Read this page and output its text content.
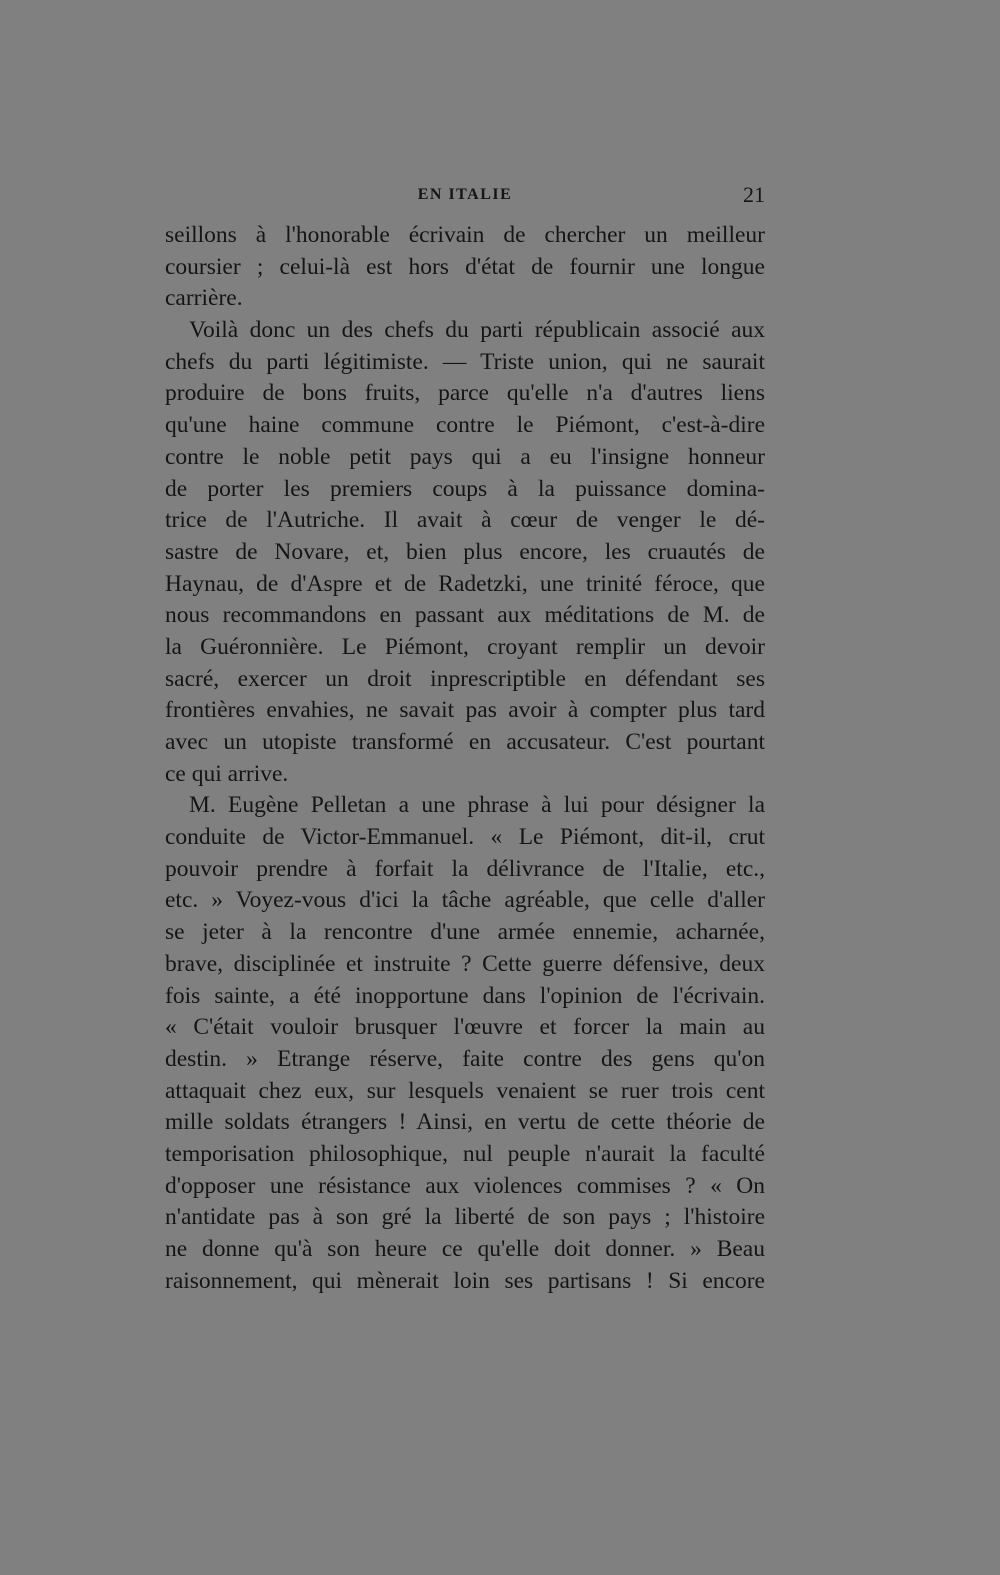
EN ITALIE	21
seillons à l'honorable écrivain de chercher un meilleur
coursier ; celui-là est hors d'état de fournir une longue
carrière.
Voilà donc un des chefs du parti républicain associé aux
chefs du parti légitimiste. — Triste union, qui ne saurait
produire de bons fruits, parce qu'elle n'a d'autres liens
qu'une haine commune contre le Piémont, c'est-à-dire
contre le noble petit pays qui a eu l'insigne honneur
de porter les premiers coups à la puissance domina-
trice de l'Autriche. Il avait à cœur de venger le dé-
sastre de Novare, et, bien plus encore, les cruautés de
Haynau, de d'Aspre et de Radetzki, une trinité féroce, que
nous recommandons en passant aux méditations de M. de
la Guéronnière. Le Piémont, croyant remplir un devoir
sacré, exercer un droit inprescriptible en défendant ses
frontières envahies, ne savait pas avoir à compter plus tard
avec un utopiste transformé en accusateur. C'est pourtant
ce qui arrive.
M. Eugène Pelletan a une phrase à lui pour désigner la
conduite de Victor-Emmanuel. « Le Piémont, dit-il, crut
pouvoir prendre à forfait la délivrance de l'Italie, etc.,
etc. » Voyez-vous d'ici la tâche agréable, que celle d'aller
se jeter à la rencontre d'une armée ennemie, acharnée,
brave, disciplinée et instruite ? Cette guerre défensive, deux
fois sainte, a été inopportune dans l'opinion de l'écrivain.
« C'était vouloir brusquer l'œuvre et forcer la main au
destin. » Etrange réserve, faite contre des gens qu'on
attaquait chez eux, sur lesquels venaient se ruer trois cent
mille soldats étrangers ! Ainsi, en vertu de cette théorie de
temporisation philosophique, nul peuple n'aurait la faculté
d'opposer une résistance aux violences commises ? « On
n'antidate pas à son gré la liberté de son pays ; l'histoire
ne donne qu'à son heure ce qu'elle doit donner. » Beau
raisonnement, qui mènerait loin ses partisans ! Si encore
